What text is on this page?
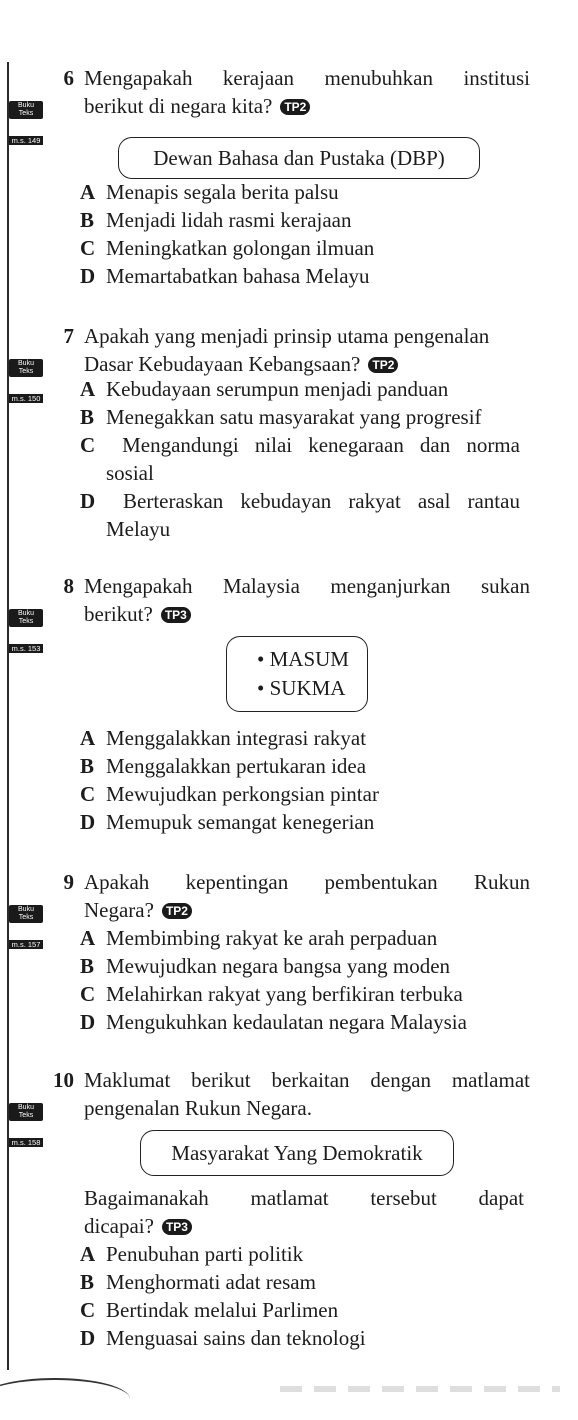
6 Mengapakah kerajaan menubuhkan institusi
Buku Teks
m.s. 149
berikut di negara kita? TP2
Dewan Bahasa dan Pustaka (DBP)
A Menapis segala berita palsu
B Menjadi lidah rasmi kerajaan
C Meningkatkan golongan ilmuan
D Memartabatkan bahasa Melayu
7 Apakah yang menjadi prinsip utama pengenalan
Buku Teks
m.s. 150
Dasar Kebudayaan Kebangsaan? TP2
A Kebudayaan serumpun menjadi panduan
B Menegakkan satu masyarakat yang progresif
C	Mengandungi nilai kenegaraan dan norma
sosial
D	Berteraskan kebudayan rakyat asal rantau
Melayu
8 Mengapakah Malaysia menganjurkan sukan
Buku Teks
m.s. 153
berikut? TP3
• MASUM
• SUKMA
A Menggalakkan integrasi rakyat
B Menggalakkan pertukaran idea
C Mewujudkan perkongsian pintar
D Memupuk semangat kenegerian
9 Apakah kepentingan pembentukan Rukun
Buku Teks
m.s. 157
Negara? TP2
A Membimbing rakyat ke arah perpaduan
B Mewujudkan negara bangsa yang moden
C Melahirkan rakyat yang berfikiran terbuka
D Mengukuhkan kedaulatan negara Malaysia
10 Maklumat berikut berkaitan dengan matlamat
Buku Teks
m.s. 158
pengenalan Rukun Negara.
Masyarakat Yang Demokratik
Bagaimanakah matlamat tersebut dapat
dicapai? TP3
A Penubuhan parti politik
B Menghormati adat resam
C Bertindak melalui Parlimen
D Menguasai sains dan teknologi
